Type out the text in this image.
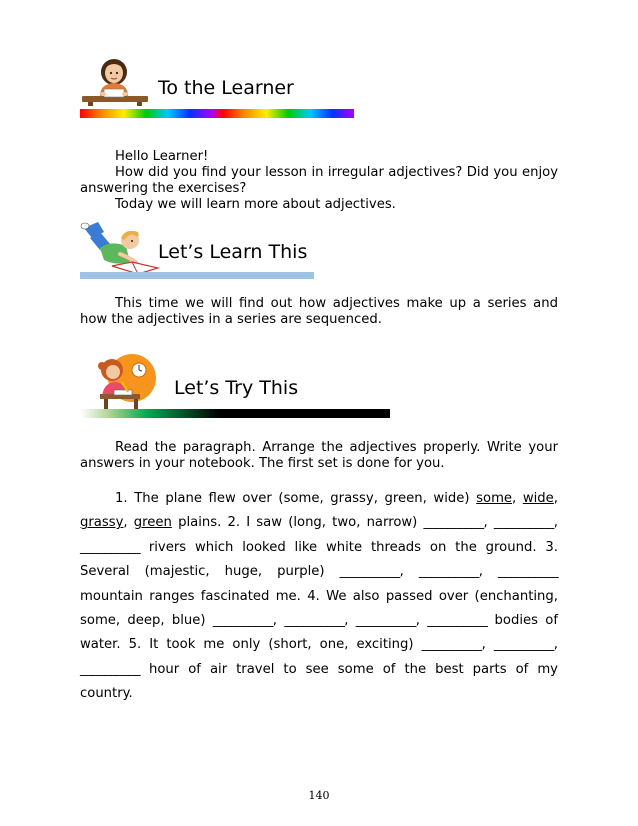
To the Learner

Hello Learner!

How did you find your lesson in irregular adjectives? Did you enjoy answering the exercises?

Today we will learn more about adjectives.

Let’s Learn This

This time we will find out how adjectives make up a series and how the adjectives in a series are sequenced.

Let’s Try This

Read the paragraph. Arrange the adjectives properly. Write your answers in your notebook. The first set is done for you.

1. The plane flew over (some, grassy, green, wide) some, wide, grassy, green plains. 2. I saw (long, two, narrow) __________, __________, __________ rivers which looked like white threads on the ground. 3. Several (majestic, huge, purple) __________, __________, __________ mountain ranges fascinated me. 4. We also passed over (enchanting, some, deep, blue) __________, __________, __________, __________ bodies of water. 5. It took me only (short, one, exciting) __________, __________, __________ hour of air travel to see some of the best parts of my country.

140
